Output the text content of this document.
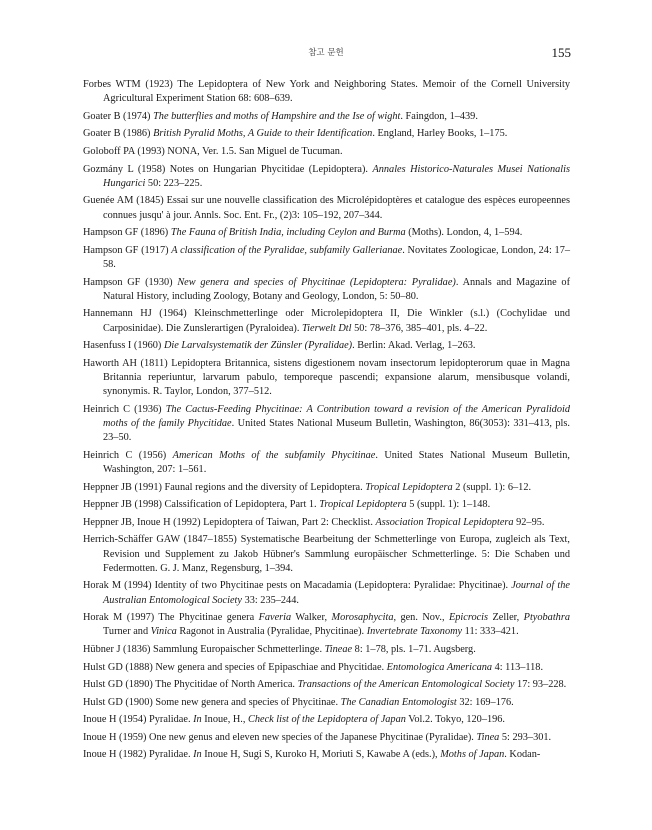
참고 문헌	155

Forbes WTM (1923) The Lepidoptera of New York and Neighboring States. Memoir of the Cornell University Agricultural Experiment Station 68: 608–639.

Goater B (1974) The butterflies and moths of Hampshire and the Ise of wight. Faingdon, 1–439.

Goater B (1986) British Pyralid Moths, A Guide to their Identification. England, Harley Books, 1–175.

Goloboff PA (1993) NONA, Ver. 1.5. San Miguel de Tucuman.

Gozmány L (1958) Notes on Hungarian Phycitidae (Lepidoptera). Annales Historico-Naturales Musei Nationalis Hungarici 50: 223–225.

Guenée AM (1845) Essai sur une nouvelle classification des Microlépidoptères et catalogue des espèces europeennes connues jusqu' à jour. Annls. Soc. Ent. Fr., (2)3: 105–192, 207–344.

Hampson GF (1896) The Fauna of British India, including Ceylon and Burma (Moths). London, 4, 1–594.

Hampson GF (1917) A classification of the Pyralidae, subfamily Gallerianae. Novitates Zoologicae, London, 24: 17–58.

Hampson GF (1930) New genera and species of Phycitinae (Lepidoptera: Pyralidae). Annals and Magazine of Natural History, including Zoology, Botany and Geology, London, 5: 50–80.

Hannemann HJ (1964) Kleinschmetterlinge oder Microlepidoptera II, Die Winkler (s.l.) (Cochylidae und Carposinidae). Die Zunslerartigen (Pyraloidea). Tierwelt Dtl 50: 78–376, 385–401, pls. 4–22.

Hasenfuss I (1960) Die Larvalsystematik der Zünsler (Pyralidae). Berlin: Akad. Verlag, 1–263.

Haworth AH (1811) Lepidoptera Britannica, sistens digestionem novam insectorum lepidopterorum quae in Magna Britannia reperiuntur, larvarum pabulo, temporeque pascendi; expansione alarum, mensibusque volandi, synonymis. R. Taylor, London, 377–512.

Heinrich C (1936) The Cactus-Feeding Phycitinae: A Contribution toward a revision of the American Pyralidoid moths of the family Phycitidae. United States National Museum Bulletin, Washington, 86(3053): 331–413, pls. 23–50.

Heinrich C (1956) American Moths of the subfamily Phycitinae. United States National Museum Bulletin, Washington, 207: 1–561.

Heppner JB (1991) Faunal regions and the diversity of Lepidoptera. Tropical Lepidoptera 2 (suppl. 1): 6–12.

Heppner JB (1998) Calssification of Lepidoptera, Part 1. Tropical Lepidoptera 5 (suppl. 1): 1–148.

Heppner JB, Inoue H (1992) Lepidoptera of Taiwan, Part 2: Checklist. Association Tropical Lepidoptera 92–95.

Herrich-Schäffer GAW (1847–1855) Systematische Bearbeitung der Schmetterlinge von Europa, zugleich als Text, Revision und Supplement zu Jakob Hübner's Sammlung europäischer Schmetterlinge. 5: Die Schaben und Federmotten. G. J. Manz, Regensburg, 1–394.

Horak M (1994) Identity of two Phycitinae pests on Macadamia (Lepidoptera: Pyralidae: Phycitinae). Journal of the Australian Entomological Society 33: 235–244.

Horak M (1997) The Phycitinae genera Faveria Walker, Morosaphycita, gen. Nov., Epicrocis Zeller, Ptyobathra Turner and Vinica Ragonot in Australia (Pyralidae, Phycitinae). Invertebrate Taxonomy 11: 333–421.

Hübner J (1836) Sammlung Europaischer Schmetterlinge. Tineae 8: 1–78, pls. 1–71. Augsberg.

Hulst GD (1888) New genera and species of Epipaschiae and Phycitidae. Entomologica Americana 4: 113–118.

Hulst GD (1890) The Phycitidae of North America. Transactions of the American Entomological Society 17: 93–228.

Hulst GD (1900) Some new genera and species of Phycitinae. The Canadian Entomologist 32: 169–176.

Inoue H (1954) Pyralidae. In Inoue, H., Check list of the Lepidoptera of Japan Vol.2. Tokyo, 120–196.

Inoue H (1959) One new genus and eleven new species of the Japanese Phycitinae (Pyralidae). Tinea 5: 293–301.

Inoue H (1982) Pyralidae. In Inoue H, Sugi S, Kuroko H, Moriuti S, Kawabe A (eds.), Moths of Japan. Kodan-
